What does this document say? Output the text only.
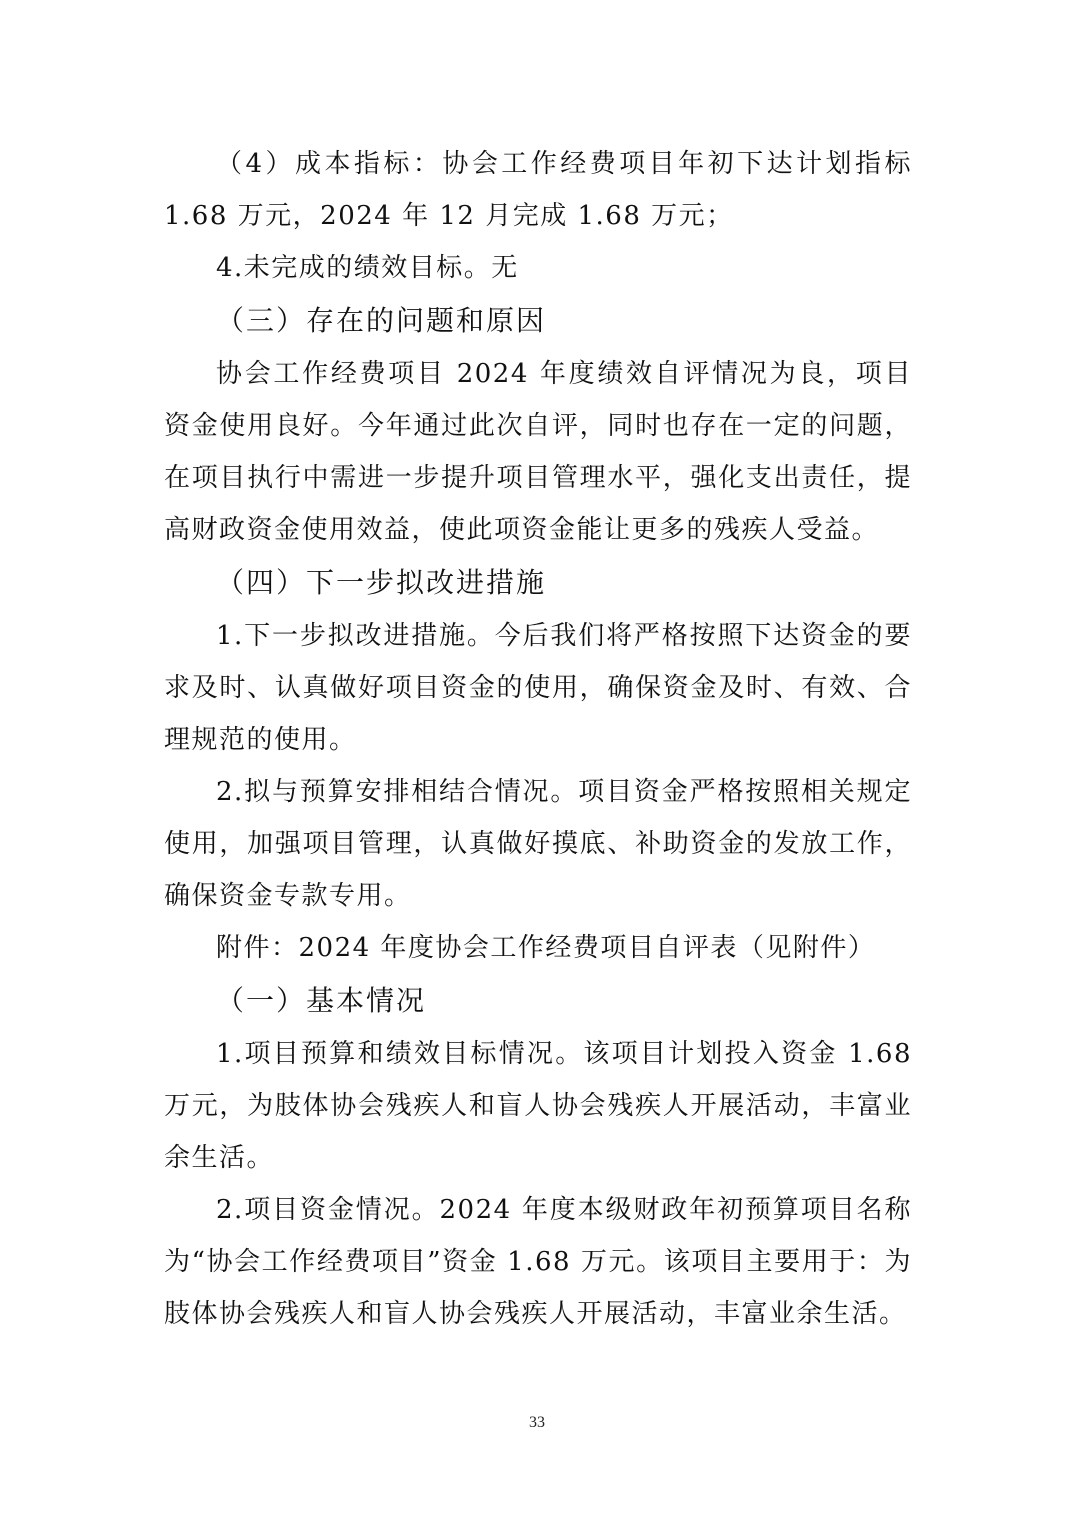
（4）成本指标：协会工作经费项目年初下达计划指标 1.68 万元，2024 年 12 月完成 1.68 万元；

4.未完成的绩效目标。无

（三）存在的问题和原因

协会工作经费项目 2024 年度绩效自评情况为良，项目资金使用良好。今年通过此次自评，同时也存在一定的问题，在项目执行中需进一步提升项目管理水平，强化支出责任，提高财政资金使用效益，使此项资金能让更多的残疾人受益。

（四）下一步拟改进措施

1.下一步拟改进措施。今后我们将严格按照下达资金的要求及时、认真做好项目资金的使用，确保资金及时、有效、合理规范的使用。

2.拟与预算安排相结合情况。项目资金严格按照相关规定使用，加强项目管理，认真做好摸底、补助资金的发放工作，确保资金专款专用。

附件：2024 年度协会工作经费项目自评表（见附件）

（一）基本情况

1.项目预算和绩效目标情况。该项目计划投入资金 1.68 万元，为肢体协会残疾人和盲人协会残疾人开展活动，丰富业余生活。

2.项目资金情况。2024 年度本级财政年初预算项目名称为“协会工作经费项目”资金 1.68 万元。该项目主要用于：为肢体协会残疾人和盲人协会残疾人开展活动，丰富业余生活。

33
